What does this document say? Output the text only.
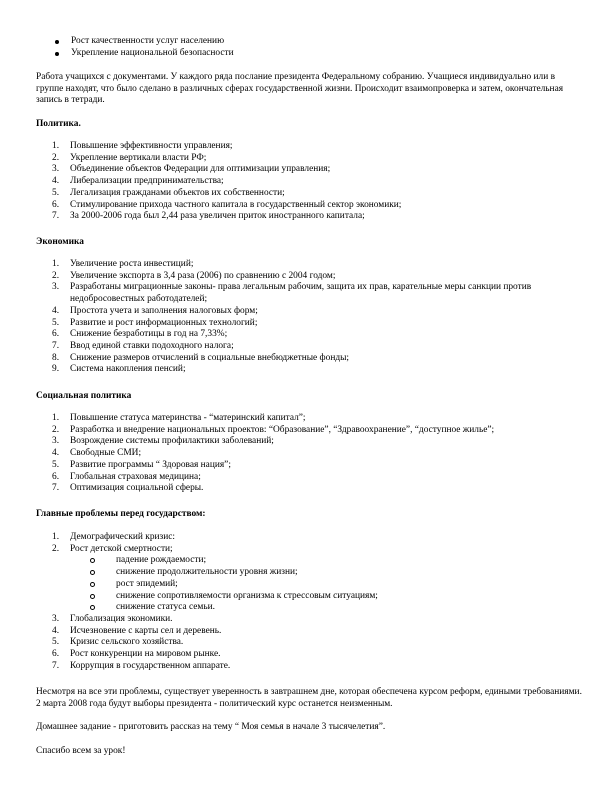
Рост качественности услуг населению
Укрепление национальной безопасности

Работа учащихся с документами. У каждого ряда послание президента Федеральному собранию. Учащиеся индивидуально или в группе находят, что было сделано в различных сферах государственной жизни. Происходит взаимопроверка и затем, окончательная запись в тетради.

Политика.

1. Повышение эффективности управления;
2. Укрепление вертикали власти РФ;
3. Объединение объектов Федерации для оптимизации управления;
4. Либерализации предпринимательства;
5. Легализация гражданами объектов их собственности;
6. Стимулирование прихода частного капитала в государственный сектор экономики;
7. За 2000-2006 года был 2,44 раза увеличен приток иностранного капитала;

Экономика

1. Увеличение роста инвестиций;
2. Увеличение экспорта в 3,4 раза (2006) по сравнению с 2004 годом;
3. Разработаны миграционные законы- права легальным рабочим, защита их прав, карательные меры санкции против недобросовестных работодателей;
4. Простота учета и заполнения налоговых форм;
5. Развитие и рост информационных технологий;
6. Снижение безработицы в год на 7,33%;
7. Ввод единой ставки подоходного налога;
8. Снижение размеров отчислений в социальные внебюджетные фонды;
9. Система накопления пенсий;

Социальная политика

1. Повышение статуса материнства - “материнский капитал”;
2. Разработка и внедрение национальных проектов: “Образование”, “Здравоохранение”, “доступное жилье”;
3. Возрождение системы профилактики заболеваний;
4. Свободные СМИ;
5. Развитие программы “ Здоровая нация”;
6. Глобальная страховая медицина;
7. Оптимизация социальной сферы.

Главные проблемы перед государством:

1. Демографический кризис:
2. Рост детской смертности;
падение рождаемости;
снижение продолжительности уровня жизни;
рост эпидемий;
снижение сопротивляемости организма к стрессовым ситуациям;
снижение статуса семьи.
3. Глобализация экономики.
4. Исчезновение с карты сел и деревень.
5. Кризис сельского хозяйства.
6. Рост конкуренции на мировом рынке.
7. Коррупция в государственном аппарате.

Несмотря на все эти проблемы, существует уверенность в завтрашнем дне, которая обеспечена курсом реформ, едиными требованиями. 2 марта 2008 года будут выборы президента - политический курс останется неизменным.

Домашнее задание - приготовить рассказ на тему “ Моя семья в начале 3 тысячелетия”.

Спасибо всем за урок!
